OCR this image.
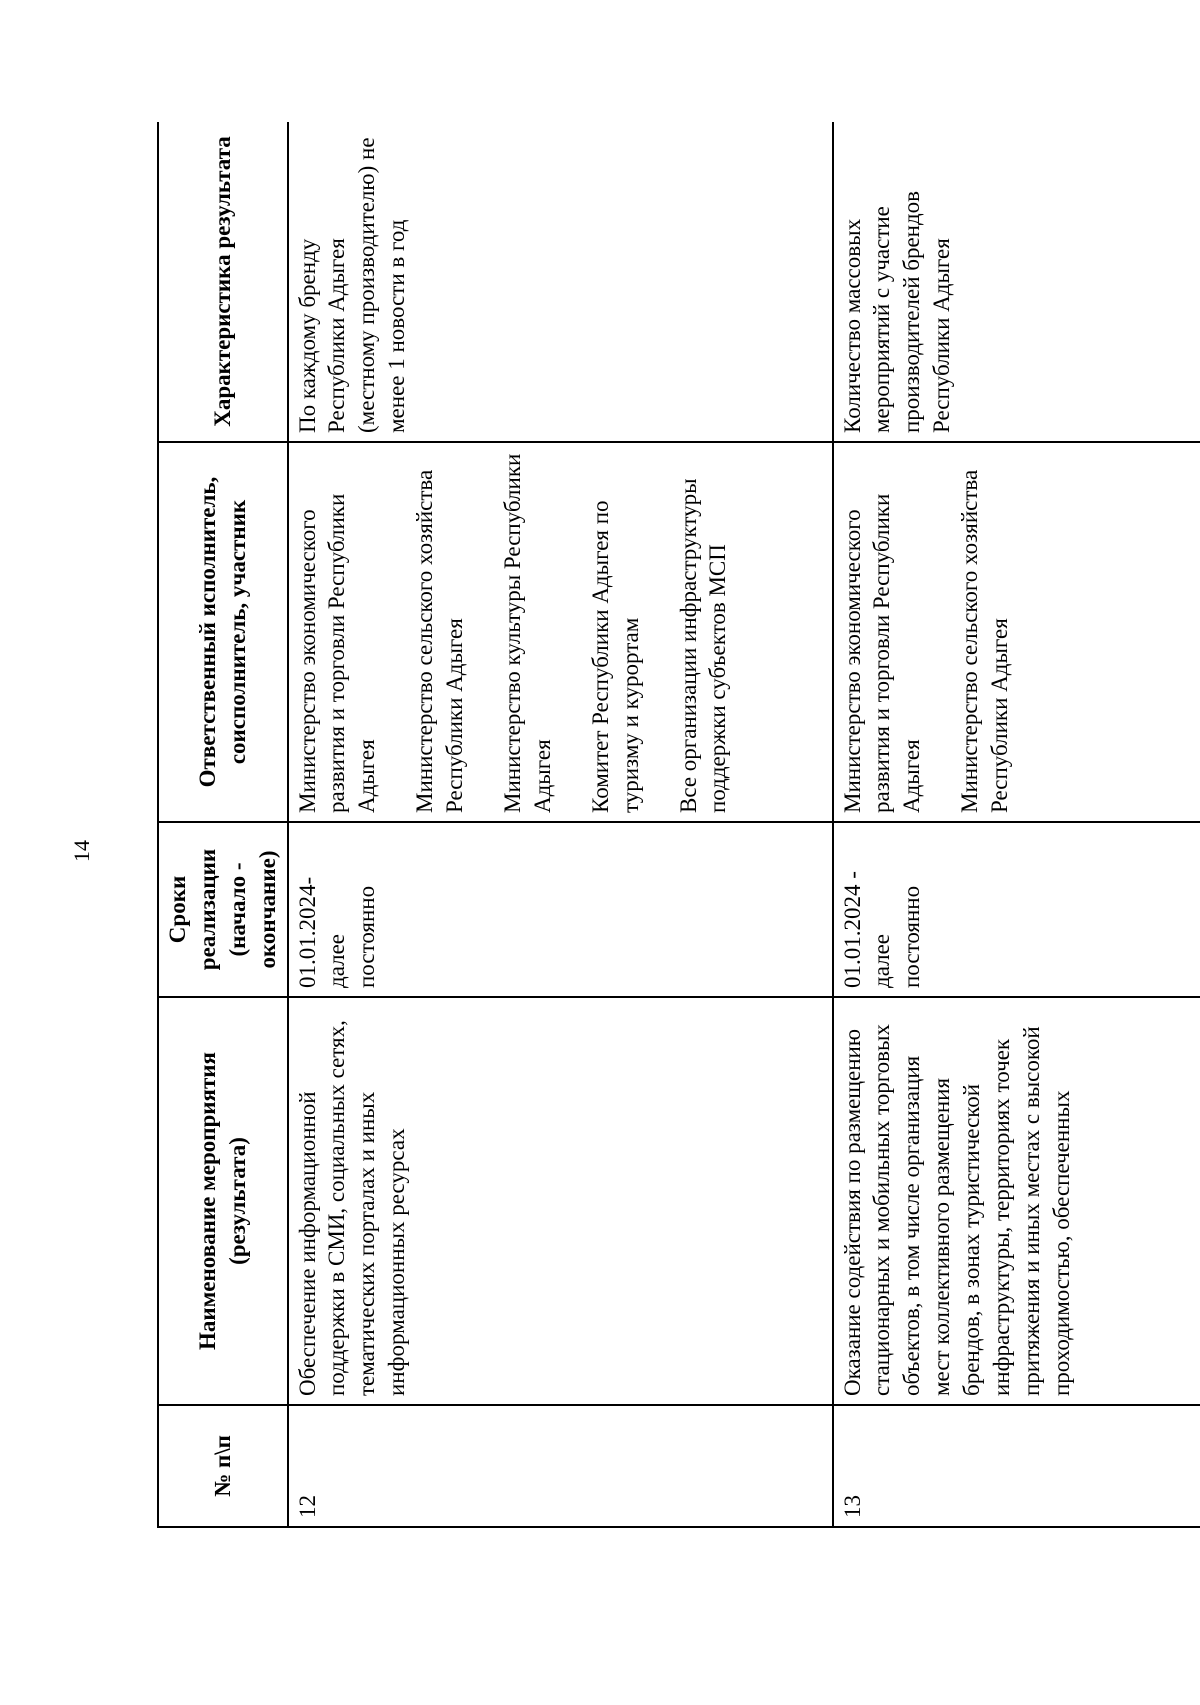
14
№ п\п	Наименование мероприятия (результата)	Сроки реализации (начало - окончание)	Ответственный исполнитель, соисполнитель, участник	Характеристика результата
12	Обеспечение информационной поддержки в СМИ, социальных сетях, тематических порталах и иных информационных ресурсах	01.01.2024- далее постоянно	Министерство экономического развития и торговли Республики Адыгея Министерство сельского хозяйства Республики Адыгея Министерство культуры Республики Адыгея Комитет Республики Адыгея по туризму и курортам Все организации инфраструктуры поддержки субъектов МСП	По каждому бренду Республики Адыгея (местному производителю) не менее 1 новости в год
13	Оказание содействия по размещению стационарных и мобильных торговых объектов, в том числе организация мест коллективного размещения брендов, в зонах туристической инфраструктуры, территориях точек притяжения и иных местах с высокой проходимостью, обеспеченных	01.01.2024 - далее постоянно	Министерство экономического развития и торговли Республики Адыгея Министерство сельского хозяйства Республики Адыгея	Количество массовых мероприятий с участие производителей брендов Республики Адыгея
